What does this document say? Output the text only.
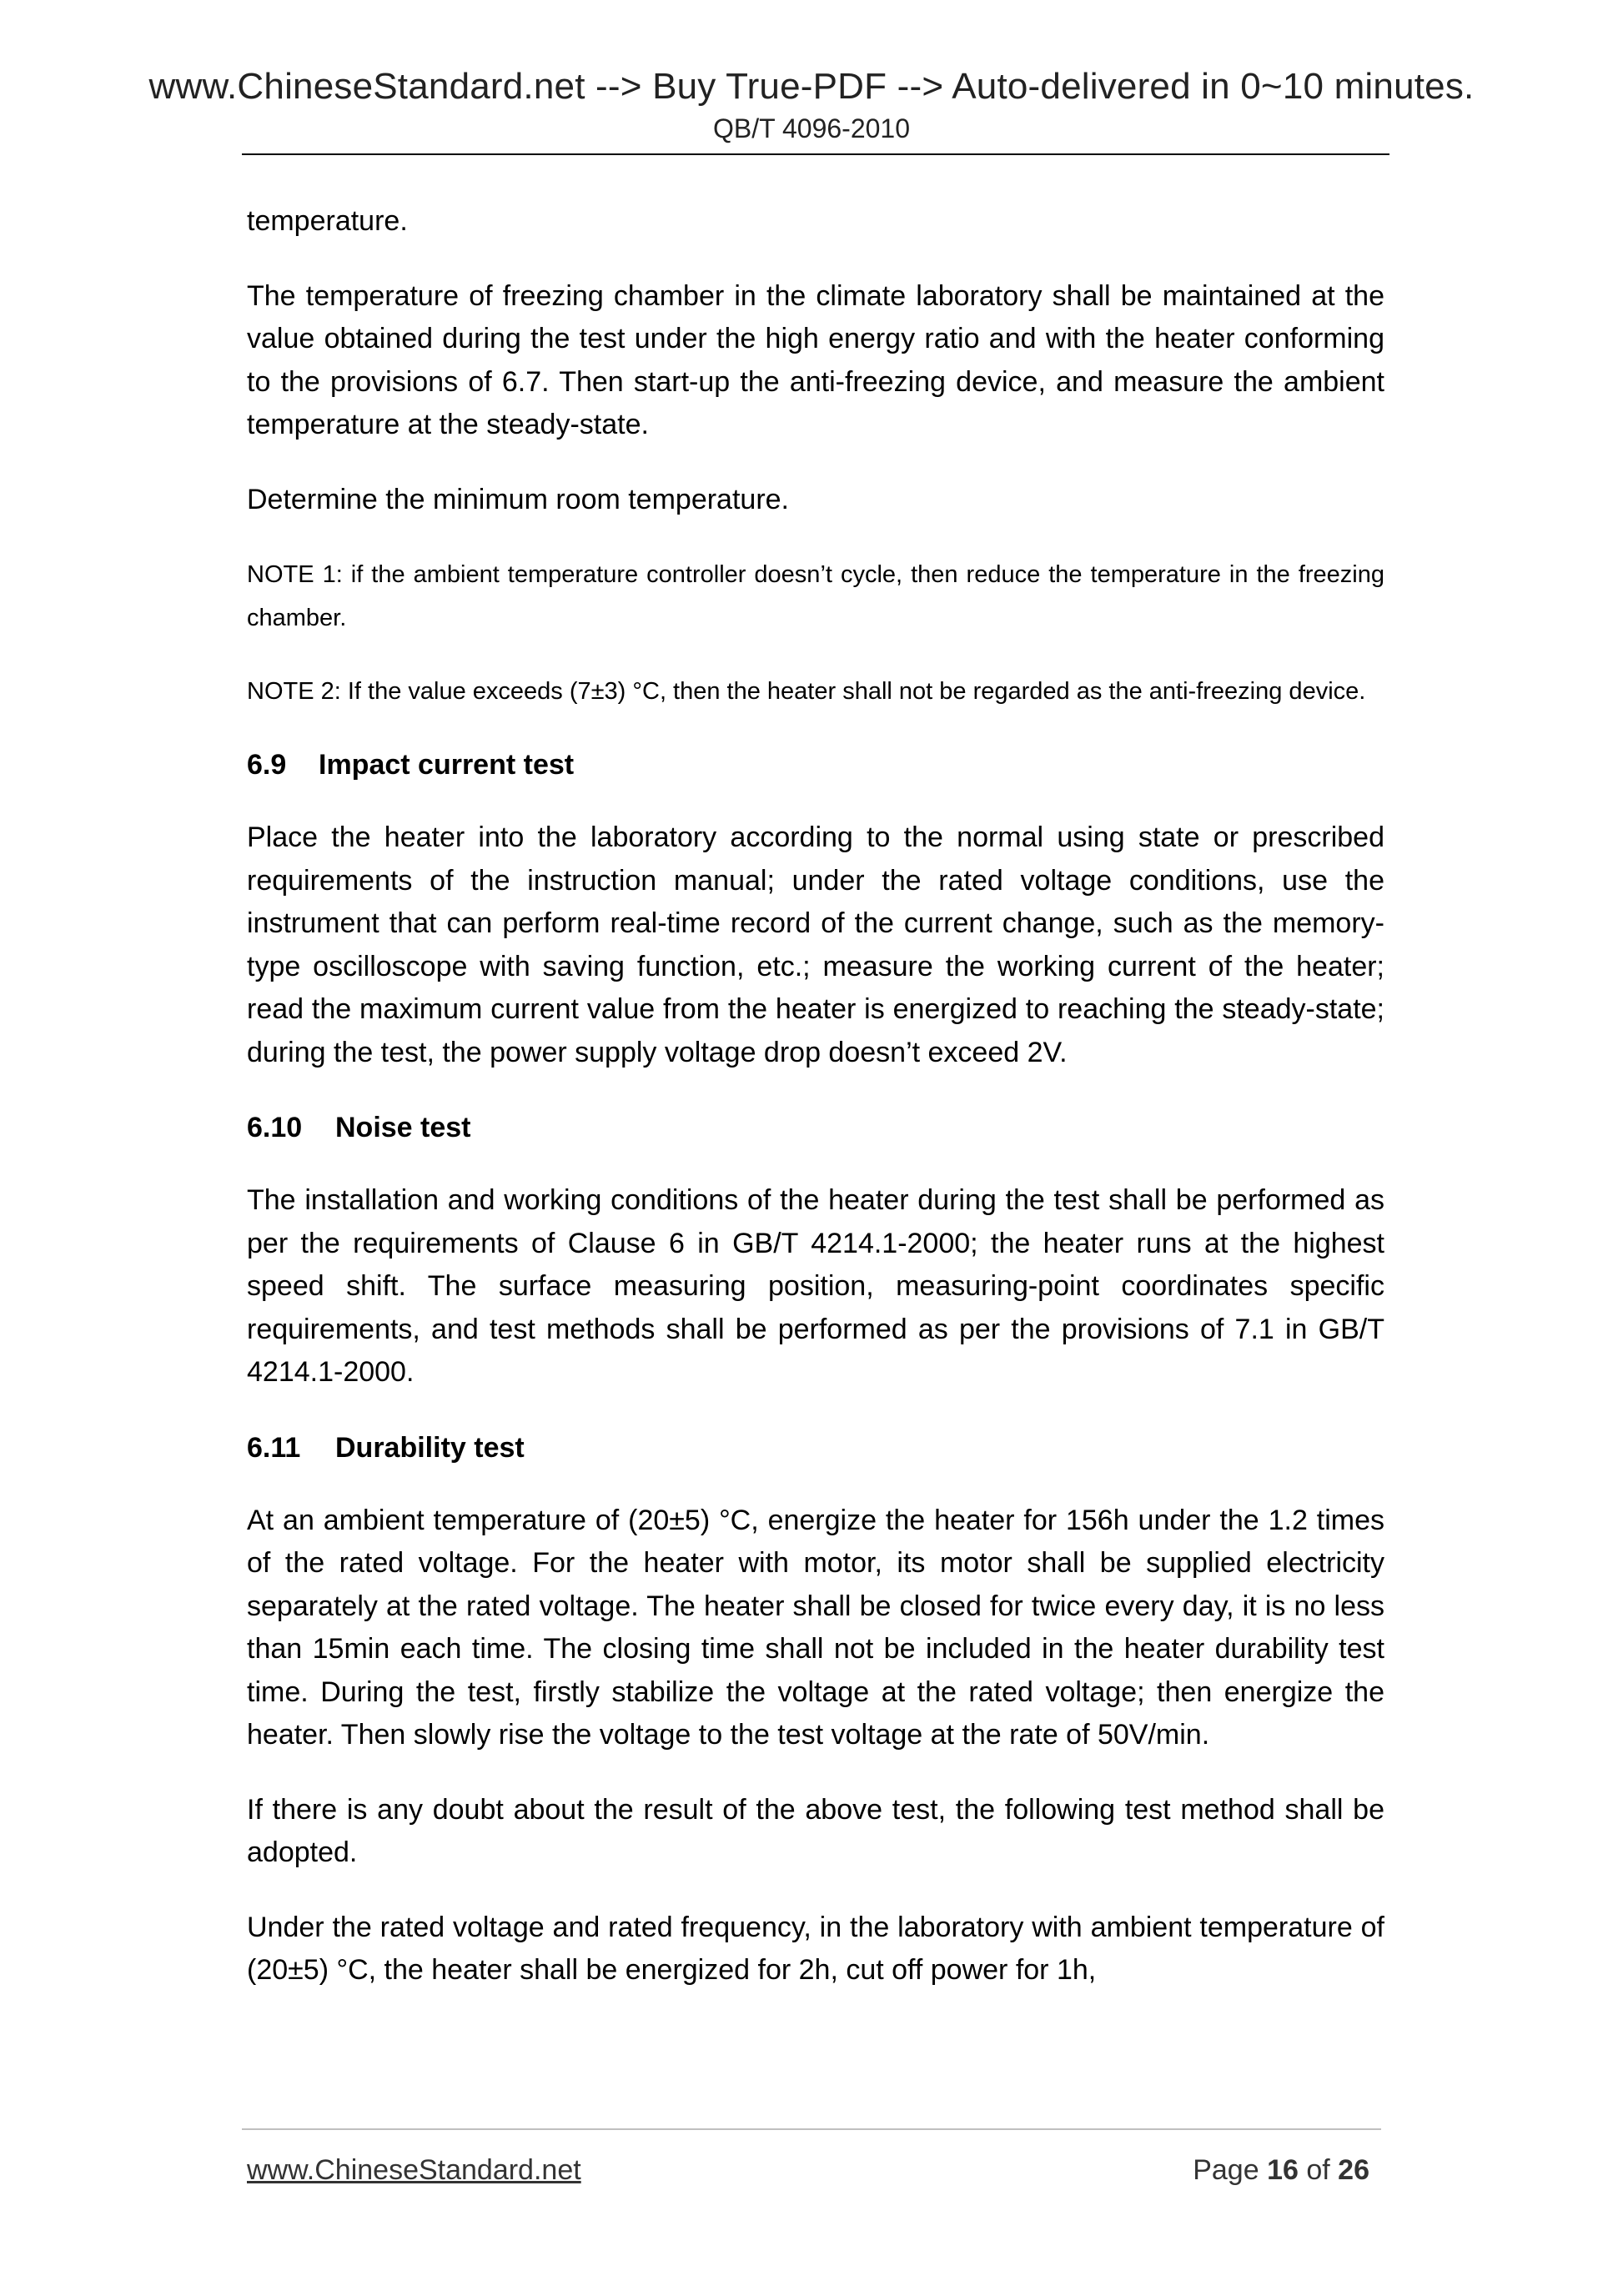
www.ChineseStandard.net --> Buy True-PDF --> Auto-delivered in 0~10 minutes.
QB/T 4096-2010

temperature.

The temperature of freezing chamber in the climate laboratory shall be maintained at the value obtained during the test under the high energy ratio and with the heater conforming to the provisions of 6.7. Then start-up the anti-freezing device, and measure the ambient temperature at the steady-state.

Determine the minimum room temperature.

NOTE 1: if the ambient temperature controller doesn’t cycle, then reduce the temperature in the freezing chamber.

NOTE 2: If the value exceeds (7±3) °C, then the heater shall not be regarded as the anti-freezing device.

6.9 Impact current test

Place the heater into the laboratory according to the normal using state or prescribed requirements of the instruction manual; under the rated voltage conditions, use the instrument that can perform real-time record of the current change, such as the memory-type oscilloscope with saving function, etc.; measure the working current of the heater; read the maximum current value from the heater is energized to reaching the steady-state; during the test, the power supply voltage drop doesn’t exceed 2V.

6.10 Noise test

The installation and working conditions of the heater during the test shall be performed as per the requirements of Clause 6 in GB/T 4214.1-2000; the heater runs at the highest speed shift. The surface measuring position, measuring-point coordinates specific requirements, and test methods shall be performed as per the provisions of 7.1 in GB/T 4214.1-2000.

6.11 Durability test

At an ambient temperature of (20±5) °C, energize the heater for 156h under the 1.2 times of the rated voltage. For the heater with motor, its motor shall be supplied electricity separately at the rated voltage. The heater shall be closed for twice every day, it is no less than 15min each time. The closing time shall not be included in the heater durability test time. During the test, firstly stabilize the voltage at the rated voltage; then energize the heater. Then slowly rise the voltage to the test voltage at the rate of 50V/min.

If there is any doubt about the result of the above test, the following test method shall be adopted.

Under the rated voltage and rated frequency, in the laboratory with ambient temperature of (20±5) °C, the heater shall be energized for 2h, cut off power for 1h,

www.ChineseStandard.net	Page 16 of 26
